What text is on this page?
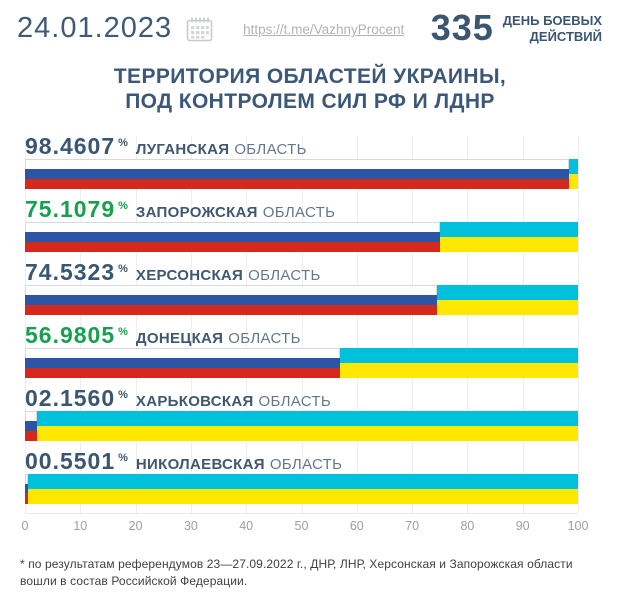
24.01.2023	https://t.me/VazhnyProcent 335 ДЕНЬ БОЕВЫХ
ДЕЙСТВИЙ
ТЕРРИТОРИЯ ОБЛАСТЕЙ УКРАИНЫ,
ПОД КОНТРОЛЕМ СИЛ РФ И ЛДНР
98.4607 % ЛУГАНСКАЯ ОБЛАСТЬ
75.1079 % ЗАПОРОЖСКАЯ ОБЛАСТЬ
74.5323 % ХЕРСОНСКАЯ ОБЛАСТЬ
56.9805 % ДОНЕЦКАЯ ОБЛАСТЬ
02.1560 % ХАРЬКОВСКАЯ ОБЛАСТЬ
00.5501 % НИКОЛАЕВСКАЯ ОБЛАСТЬ
0	10	20	30	40	50	60	70	80	90	100
* по результатам референдумов 23—27.09.2022 г., ДНР, ЛНР, Херсонская и Запорожская области вошли в состав Российской Федерации.
